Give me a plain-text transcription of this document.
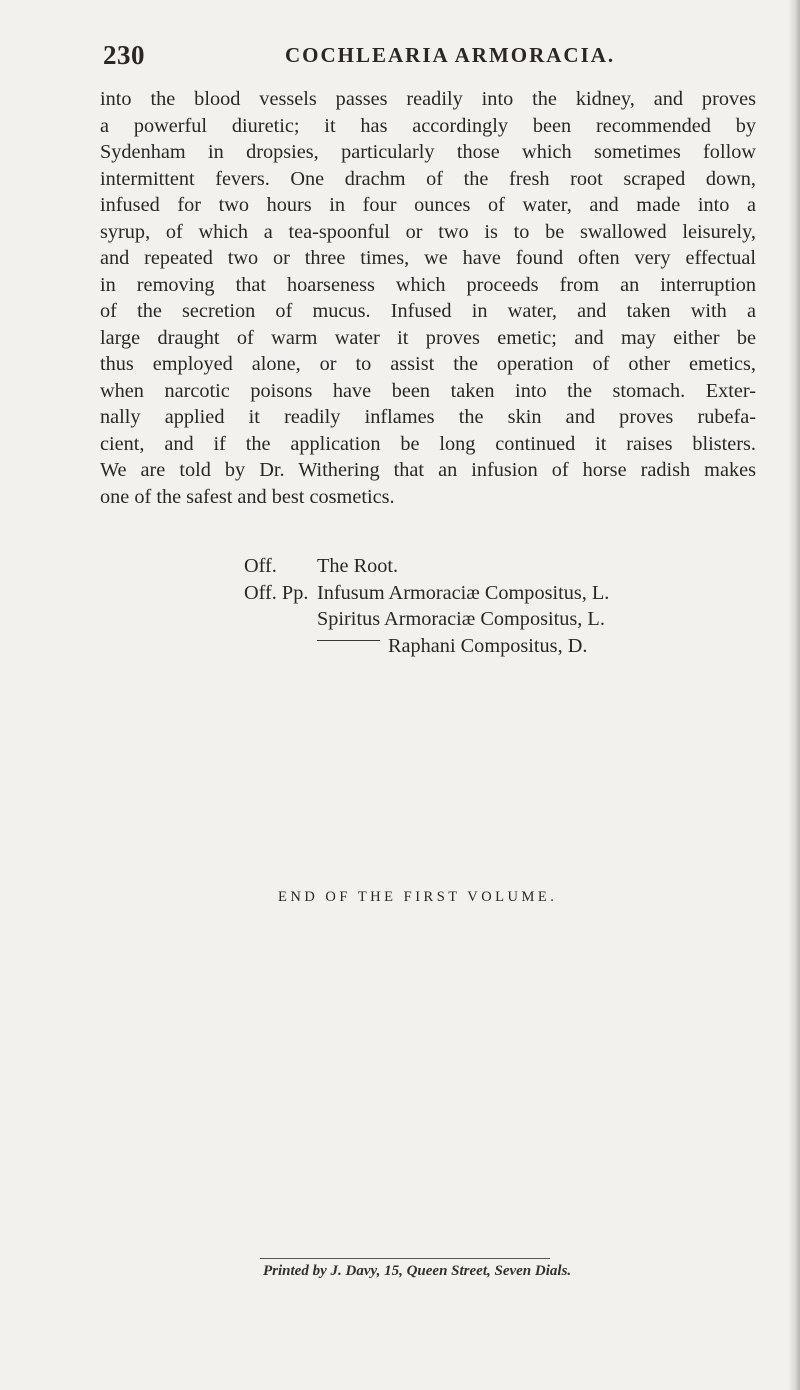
230	COCHLEARIA ARMORACIA.
into the blood vessels passes readily into the kidney, and proves
a powerful diuretic; it has accordingly been recommended by
Sydenham in dropsies, particularly those which sometimes follow
intermittent fevers. One drachm of the fresh root scraped down,
infused for two hours in four ounces of water, and made into a
syrup, of which a tea-spoonful or two is to be swallowed leisurely,
and repeated two or three times, we have found often very effectual
in removing that hoarseness which proceeds from an interruption
of the secretion of mucus. Infused in water, and taken with a
large draught of warm water it proves emetic; and may either be
thus employed alone, or to assist the operation of other emetics,
when narcotic poisons have been taken into the stomach. Exter-
nally applied it readily inflames the skin and proves rubefa-
cient, and if the application be long continued it raises blisters.
We are told by Dr. Withering that an infusion of horse radish makes
one of the safest and best cosmetics.
Off.	The Root.
Off. Pp. Infusum Armoraciæ Compositus, L.
Spiritus Armoraciæ Compositus, L.
Raphani Compositus, D.
END OF THE FIRST VOLUME.
Printed by J. Davy, 15, Queen Street, Seven Dials.
